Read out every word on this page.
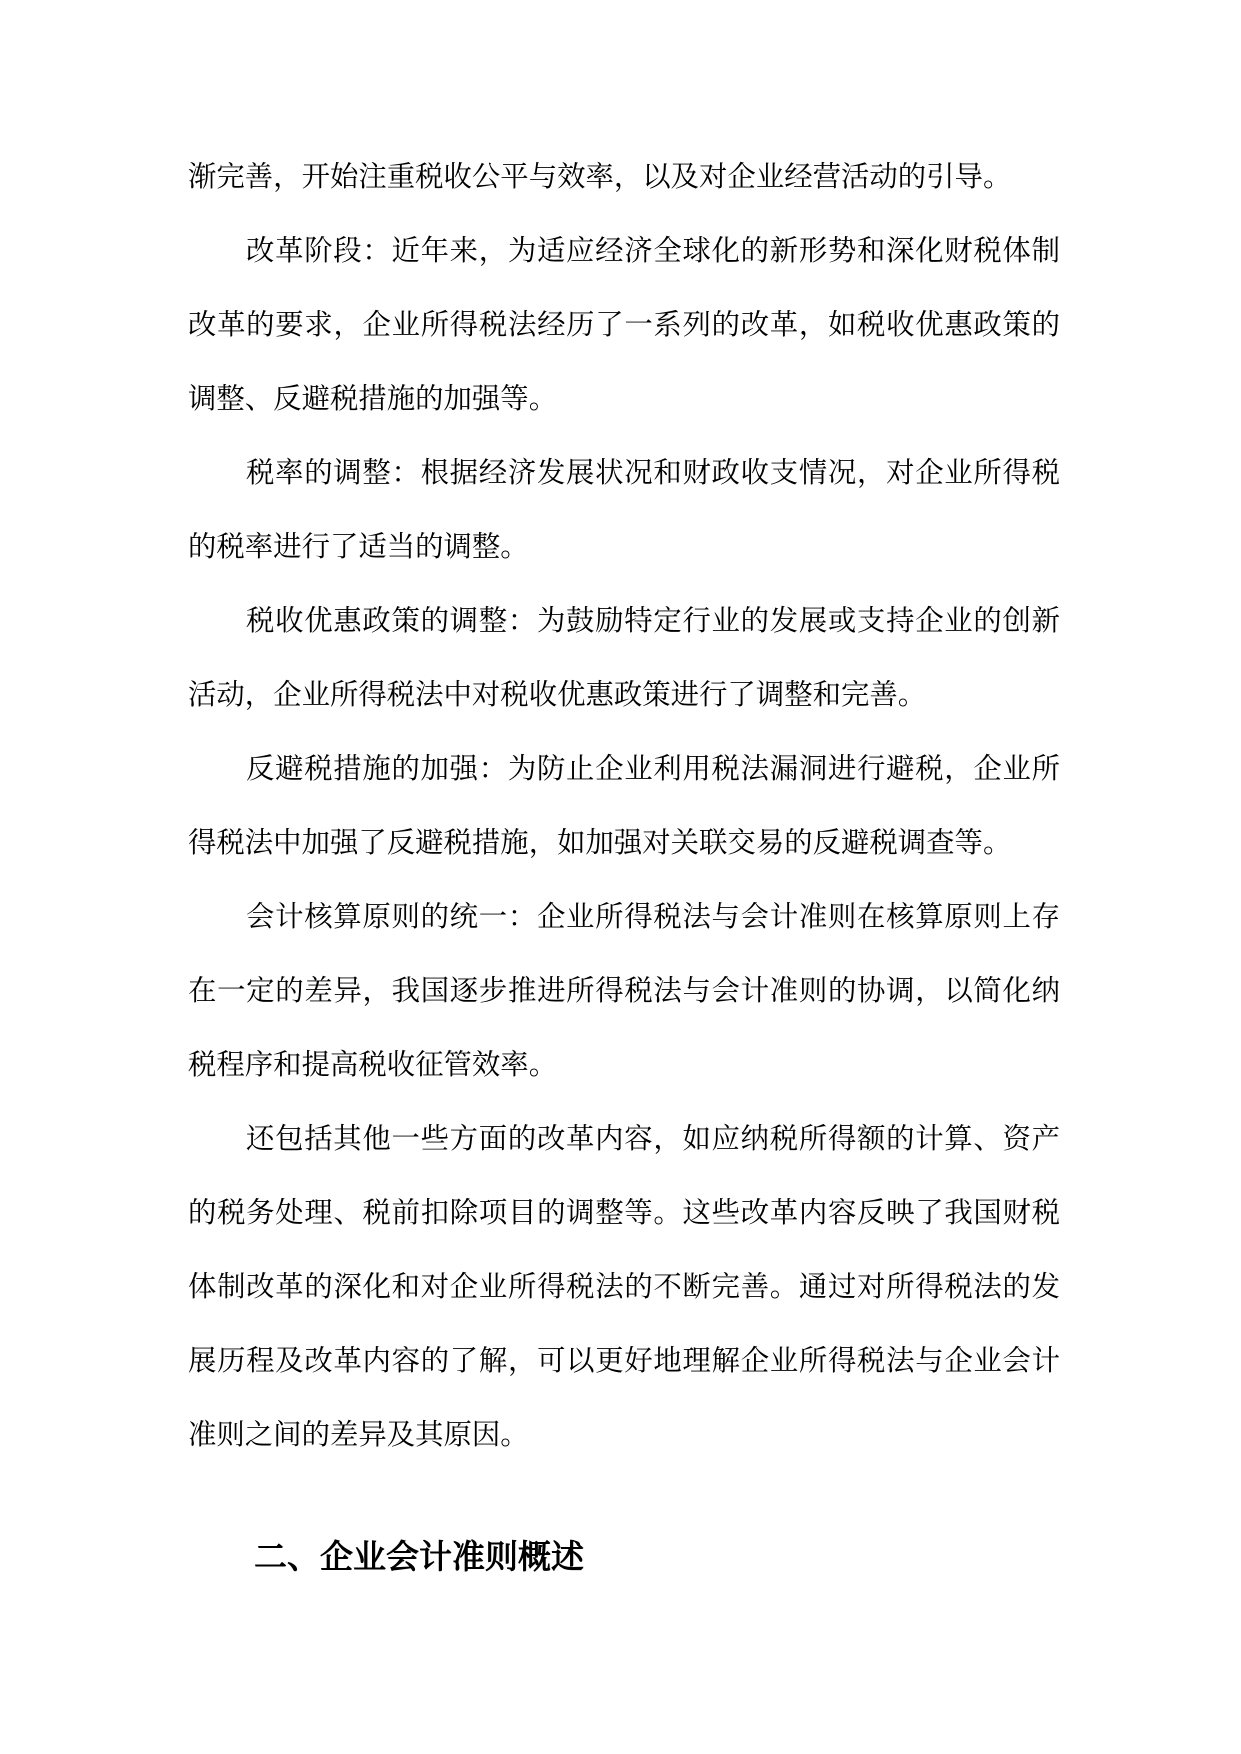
渐完善，开始注重税收公平与效率，以及对企业经营活动的引导。

改革阶段：近年来，为适应经济全球化的新形势和深化财税体制改革的要求，企业所得税法经历了一系列的改革，如税收优惠政策的调整、反避税措施的加强等。

税率的调整：根据经济发展状况和财政收支情况，对企业所得税的税率进行了适当的调整。

税收优惠政策的调整：为鼓励特定行业的发展或支持企业的创新活动，企业所得税法中对税收优惠政策进行了调整和完善。

反避税措施的加强：为防止企业利用税法漏洞进行避税，企业所得税法中加强了反避税措施，如加强对关联交易的反避税调查等。

会计核算原则的统一：企业所得税法与会计准则在核算原则上存在一定的差异，我国逐步推进所得税法与会计准则的协调，以简化纳税程序和提高税收征管效率。

还包括其他一些方面的改革内容，如应纳税所得额的计算、资产的税务处理、税前扣除项目的调整等。这些改革内容反映了我国财税体制改革的深化和对企业所得税法的不断完善。通过对所得税法的发展历程及改革内容的了解，可以更好地理解企业所得税法与企业会计准则之间的差异及其原因。

二、企业会计准则概述
